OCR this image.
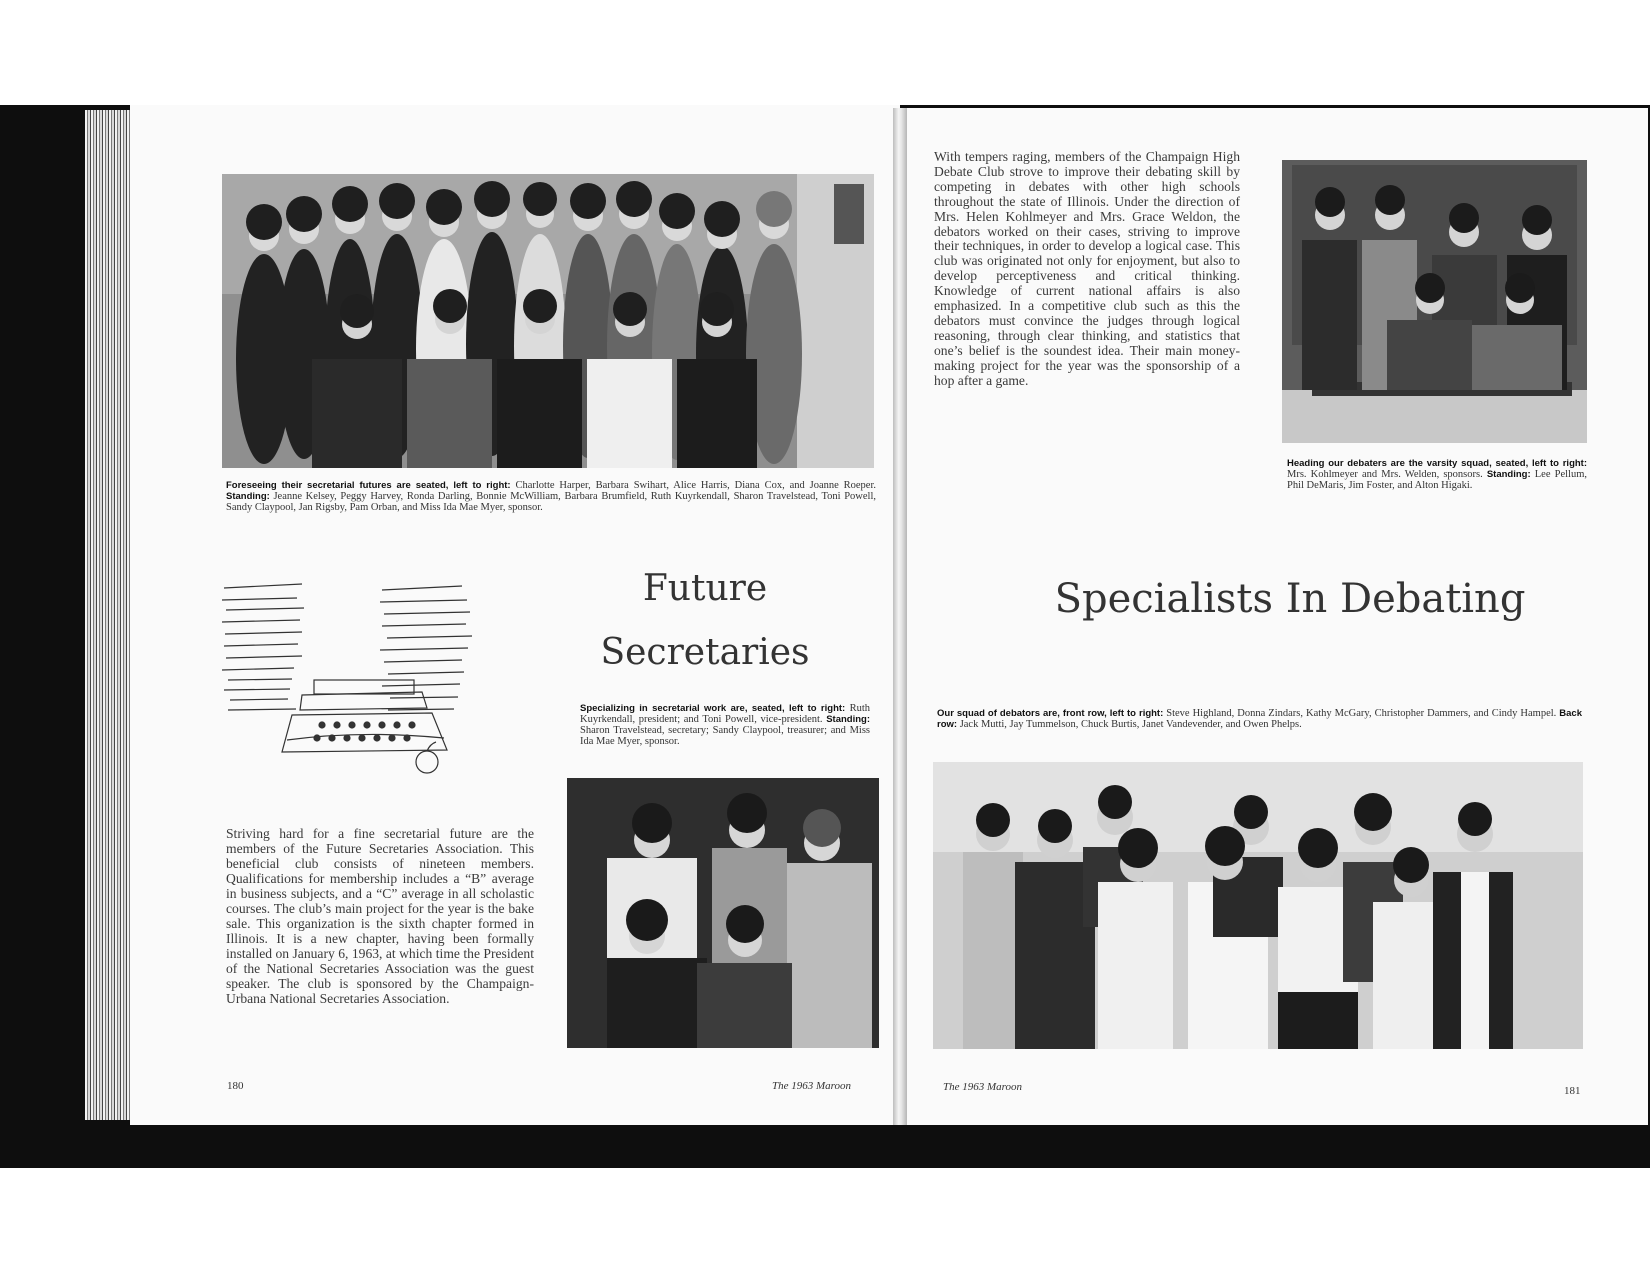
Foreseeing their secretarial futures are seated, left to right: Charlotte Harper, Barbara Swihart, Alice Harris, Diana Cox, and Joanne Roeper. Standing: Jeanne Kelsey, Peggy Harvey, Ronda Darling, Bonnie McWilliam, Barbara Brumfield, Ruth Kuyrkendall, Sharon Travelstead, Toni Powell, Sandy Claypool, Jan Rigsby, Pam Orban, and Miss Ida Mae Myer, sponsor.
Future
Secretaries
Specializing in secretarial work are, seated, left to right: Ruth Kuyrkendall, president; and Toni Powell, vice-president. Standing: Sharon Travelstead, secretary; Sandy Claypool, treasurer; and Miss Ida Mae Myer, sponsor.
Striving hard for a fine secretarial future are the members of the Future Secretaries Association. This beneficial club consists of nineteen members. Qualifications for membership includes a “B” average in business subjects, and a “C” average in all scholastic courses. The club’s main project for the year is the bake sale. This organization is the sixth chapter formed in Illinois. It is a new chapter, having been formally installed on January 6, 1963, at which time the President of the National Secretaries Association was the guest speaker. The club is sponsored by the Champaign-Urbana National Secretaries Association.
180	The 1963 Maroon
With tempers raging, members of the Champaign High Debate Club strove to improve their debating skill by competing in debates with other high schools throughout the state of Illinois. Under the direction of Mrs. Helen Kohlmeyer and Mrs. Grace Weldon, the debators worked on their cases, striving to improve their techniques, in order to develop a logical case. This club was originated not only for enjoyment, but also to develop perceptiveness and critical thinking. Knowledge of current national affairs is also emphasized. In a competitive club such as this the debators must convince the judges through logical reasoning, through clear thinking, and statistics that one’s belief is the soundest idea. Their main money-making project for the year was the sponsorship of a hop after a game.
Heading our debaters are the varsity squad, seated, left to right: Mrs. Kohlmeyer and Mrs. Welden, sponsors. Standing: Lee Pellum, Phil DeMaris, Jim Foster, and Alton Higaki.
Specialists In Debating
Our squad of debators are, front row, left to right: Steve Highland, Donna Zindars, Kathy McGary, Christopher Dammers, and Cindy Hampel. Back row: Jack Mutti, Jay Tummelson, Chuck Burtis, Janet Vandevender, and Owen Phelps.
The 1963 Maroon	181
